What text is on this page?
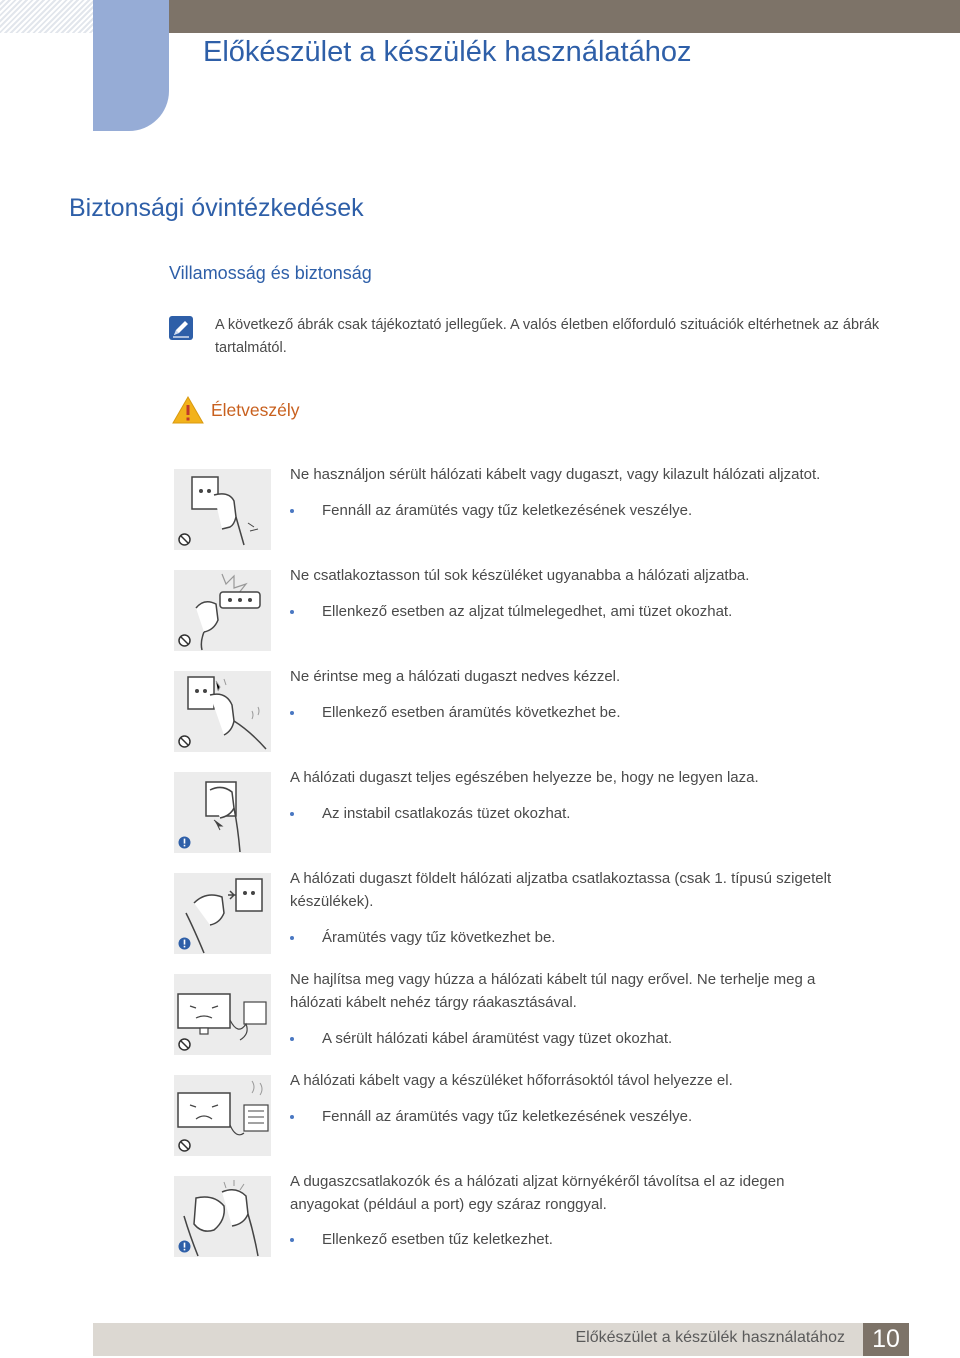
Előkészület a készülék használatához
Biztonsági óvintézkedések
Villamosság és biztonság
A következő ábrák csak tájékoztató jellegűek. A valós életben előforduló szituációk eltérhetnek az ábrák tartalmától.
Életveszély
Ne használjon sérült hálózati kábelt vagy dugaszt, vagy kilazult hálózati aljzatot.
Fennáll az áramütés vagy tűz keletkezésének veszélye.
Ne csatlakoztasson túl sok készüléket ugyanabba a hálózati aljzatba.
Ellenkező esetben az aljzat túlmelegedhet, ami tüzet okozhat.
Ne érintse meg a hálózati dugaszt nedves kézzel.
Ellenkező esetben áramütés következhet be.
A hálózati dugaszt teljes egészében helyezze be, hogy ne legyen laza.
Az instabil csatlakozás tüzet okozhat.
A hálózati dugaszt földelt hálózati aljzatba csatlakoztassa (csak 1. típusú szigetelt készülékek).
Áramütés vagy tűz következhet be.
Ne hajlítsa meg vagy húzza a hálózati kábelt túl nagy erővel. Ne terhelje meg a hálózati kábelt nehéz tárgy ráakasztásával.
A sérült hálózati kábel áramütést vagy tüzet okozhat.
A hálózati kábelt vagy a készüléket hőforrásoktól távol helyezze el.
Fennáll az áramütés vagy tűz keletkezésének veszélye.
A dugaszcsatlakozók és a hálózati aljzat környékéről távolítsa el az idegen anyagokat (például a port) egy száraz ronggyal.
Ellenkező esetben tűz keletkezhet.
Előkészület a készülék használatához	10
